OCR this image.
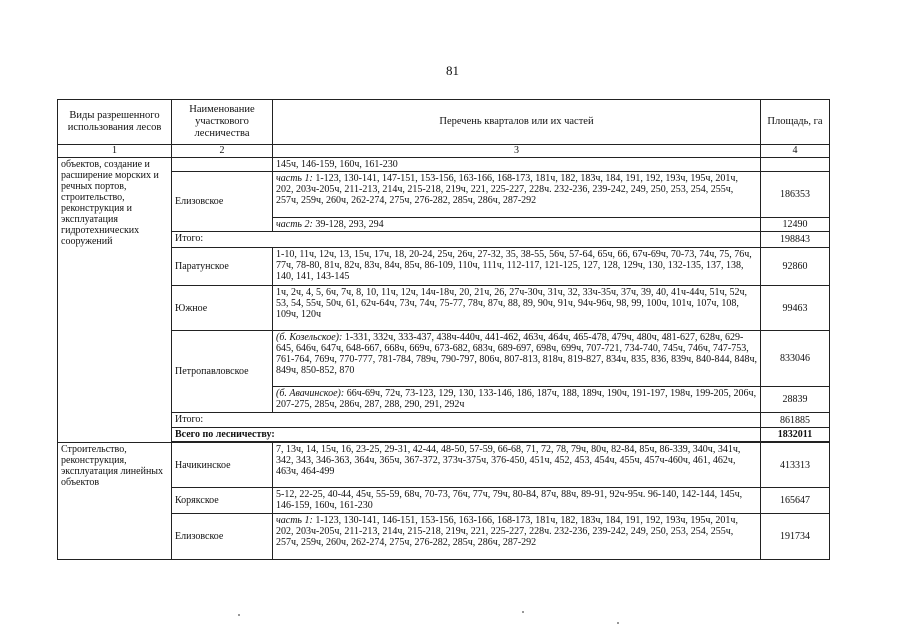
81
Виды разрешенного использования лесов	Наименование участкового лесничества	Перечень кварталов или их частей	Площадь, га
1	2	3	4
объектов, создание и расширение морских и речных портов, строительство, реконструкция и эксплуатация гидротехнических сооружений		145ч, 146-159, 160ч, 161-230	
	Елизовское	часть 1: 1-123, 130-141, 147-151, 153-156, 163-166, 168-173, 181ч, 182, 183ч, 184, 191, 192, 193ч, 195ч, 201ч, 202, 203ч-205ч, 211-213, 214ч, 215-218, 219ч, 221, 225-227, 228ч. 232-236, 239-242, 249, 250, 253, 254, 255ч, 257ч, 259ч, 260ч, 262-274, 275ч, 276-282, 285ч, 286ч, 287-292	186353
		часть 2: 39-128, 293, 294	12490
	Итого:		198843
	Паратунское	1-10, 11ч, 12ч, 13, 15ч, 17ч, 18, 20-24, 25ч, 26ч, 27-32, 35, 38-55, 56ч, 57-64, 65ч, 66, 67ч-69ч, 70-73, 74ч, 75, 76ч, 77ч, 78-80, 81ч, 82ч, 83ч, 84ч, 85ч, 86-109, 110ч, 111ч, 112-117, 121-125, 127, 128, 129ч, 130, 132-135, 137, 138, 140, 141, 143-145	92860
	Южное	1ч, 2ч, 4, 5, 6ч, 7ч, 8, 10, 11ч, 12ч, 14ч-18ч, 20, 21ч, 26, 27ч-30ч, 31ч, 32, 33ч-35ч, 37ч, 39, 40, 41ч-44ч, 51ч, 52ч, 53, 54, 55ч, 50ч, 61, 62ч-64ч, 73ч, 74ч, 75-77, 78ч, 87ч, 88, 89, 90ч, 91ч, 94ч-96ч, 98, 99, 100ч, 101ч, 107ч, 108, 109ч, 120ч	99463
	Петропавловское	(б. Козельское): 1-331, 332ч, 333-437, 438ч-440ч, 441-462, 463ч, 464ч, 465-478, 479ч, 480ч, 481-627, 628ч, 629-645, 646ч, 647ч, 648-667, 668ч, 669ч, 673-682, 683ч, 689-697, 698ч, 699ч, 707-721, 734-740, 745ч, 746ч, 747-753, 761-764, 769ч, 770-777, 781-784, 789ч, 790-797, 806ч, 807-813, 818ч, 819-827, 834ч, 835, 836, 839ч, 840-844, 848ч, 849ч, 850-852, 870	833046
		(б. Авачинское): 66ч-69ч, 72ч, 73-123, 129, 130, 133-146, 186, 187ч, 188, 189ч, 190ч, 191-197, 198ч, 199-205, 206ч, 207-275, 285ч, 286ч, 287, 288, 290, 291, 292ч	28839
	Итого:		861885
	Всего по лесничеству:		1832011

Строительство, реконструкция, эксплуатация линейных объектов	Начикинское	7, 13ч, 14, 15ч, 16, 23-25, 29-31, 42-44, 48-50, 57-59, 66-68, 71, 72, 78, 79ч, 80ч, 82-84, 85ч, 86-339, 340ч, 341ч, 342, 343, 346-363, 364ч, 365ч, 367-372, 373ч-375ч, 376-450, 451ч, 452, 453, 454ч, 455ч, 457ч-460ч, 461, 462ч, 463ч, 464-499	413313
	Корякское	5-12, 22-25, 40-44, 45ч, 55-59, 68ч, 70-73, 76ч, 77ч, 79ч, 80-84, 87ч, 88ч, 89-91, 92ч-95ч. 96-140, 142-144, 145ч, 146-159, 160ч, 161-230	165647
	Елизовское	часть 1: 1-123, 130-141, 146-151, 153-156, 163-166, 168-173, 181ч, 182, 183ч, 184, 191, 192, 193ч, 195ч, 201ч, 202, 203ч-205ч, 211-213, 214ч, 215-218, 219ч, 221, 225-227, 228ч. 232-236, 239-242, 249, 250, 253, 254, 255ч, 257ч, 259ч, 260ч, 262-274, 275ч, 276-282, 285ч, 286ч, 287-292	191734
